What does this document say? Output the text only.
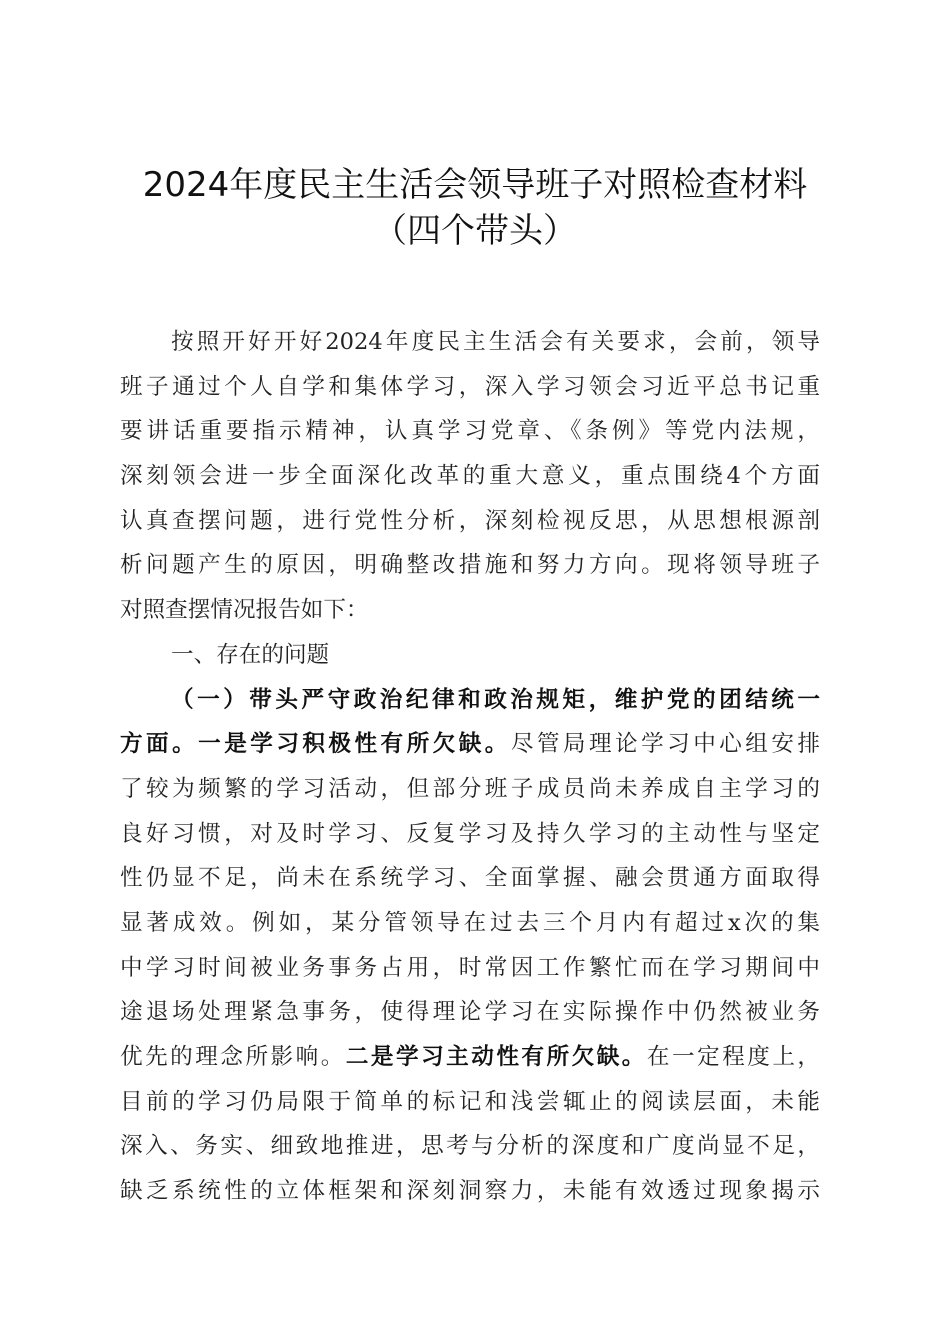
2024年度民主生活会领导班子对照检查材料
（四个带头）
按照开好开好2024年度民主生活会有关要求，会前，领导
班子通过个人自学和集体学习，深入学习领会习近平总书记重
要讲话重要指示精神，认真学习党章、《条例》等党内法规，
深刻领会进一步全面深化改革的重大意义，重点围绕4个方面
认真查摆问题，进行党性分析，深刻检视反思，从思想根源剖
析问题产生的原因，明确整改措施和努力方向。现将领导班子
对照查摆情况报告如下：
一、存在的问题
（一）带头严守政治纪律和政治规矩，维护党的团结统一
方面。一是学习积极性有所欠缺。尽管局理论学习中心组安排
了较为频繁的学习活动，但部分班子成员尚未养成自主学习的
良好习惯，对及时学习、反复学习及持久学习的主动性与坚定
性仍显不足，尚未在系统学习、全面掌握、融会贯通方面取得
显著成效。例如，某分管领导在过去三个月内有超过x次的集
中学习时间被业务事务占用，时常因工作繁忙而在学习期间中
途退场处理紧急事务，使得理论学习在实际操作中仍然被业务
优先的理念所影响。二是学习主动性有所欠缺。在一定程度上，
目前的学习仍局限于简单的标记和浅尝辄止的阅读层面，未能
深入、务实、细致地推进，思考与分析的深度和广度尚显不足，
缺乏系统性的立体框架和深刻洞察力，未能有效透过现象揭示
